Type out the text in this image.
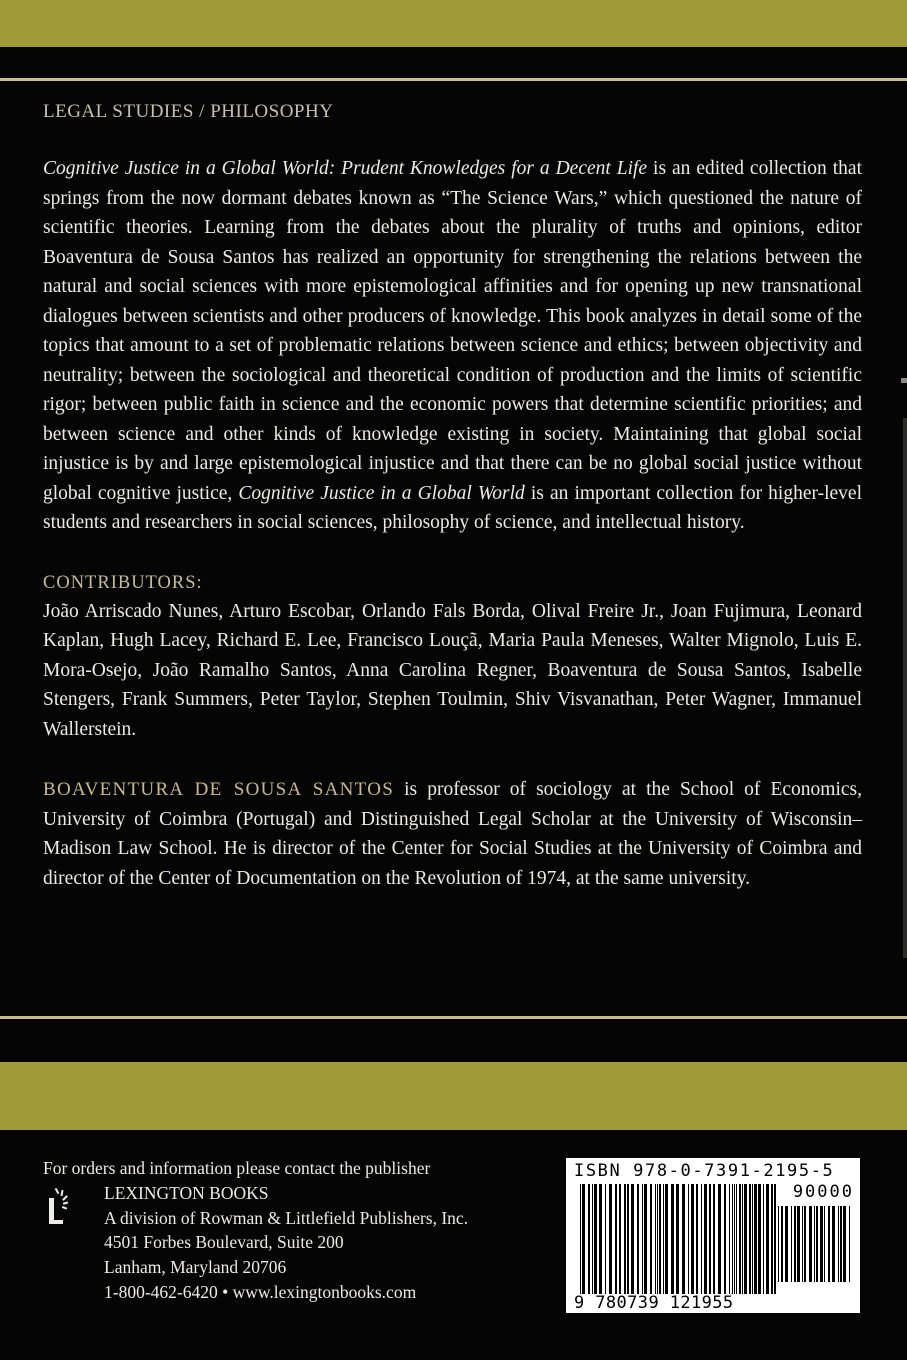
LEGAL STUDIES / PHILOSOPHY

Cognitive Justice in a Global World: Prudent Knowledges for a Decent Life is an edited collection that springs from the now dormant debates known as “The Science Wars,” which questioned the nature of scientific theories. Learning from the debates about the plurality of truths and opinions, editor Boaventura de Sousa Santos has realized an opportunity for strengthening the relations between the natural and social sciences with more epistemological affinities and for opening up new transnational dialogues between scientists and other producers of knowledge. This book analyzes in detail some of the topics that amount to a set of problematic relations between science and ethics; between objectivity and neutrality; between the sociological and theoretical condition of production and the limits of scientific rigor; between public faith in science and the economic powers that determine scientific priorities; and between science and other kinds of knowledge existing in society. Maintaining that global social injustice is by and large epistemological injustice and that there can be no global social justice without global cognitive justice, Cognitive Justice in a Global World is an important collection for higher-level students and researchers in social sciences, philosophy of science, and intellectual history.

CONTRIBUTORS:

João Arriscado Nunes, Arturo Escobar, Orlando Fals Borda, Olival Freire Jr., Joan Fujimura, Leonard Kaplan, Hugh Lacey, Richard E. Lee, Francisco Louçã, Maria Paula Meneses, Walter Mignolo, Luis E. Mora-Osejo, João Ramalho Santos, Anna Carolina Regner, Boaventura de Sousa Santos, Isabelle Stengers, Frank Summers, Peter Taylor, Stephen Toulmin, Shiv Visvanathan, Peter Wagner, Immanuel Wallerstein.

BOAVENTURA DE SOUSA SANTOS is professor of sociology at the School of Economics, University of Coimbra (Portugal) and Distinguished Legal Scholar at the University of Wisconsin–Madison Law School. He is director of the Center for Social Studies at the University of Coimbra and director of the Center of Documentation on the Revolution of 1974, at the same university.

For orders and information please contact the publisher
LEXINGTON BOOKS
A division of Rowman & Littlefield Publishers, Inc.
4501 Forbes Boulevard, Suite 200
Lanham, Maryland 20706
1-800-462-6420 • www.lexingtonbooks.com
ISBN 978-0-7391-2195-5
90000
9 780739 121955
